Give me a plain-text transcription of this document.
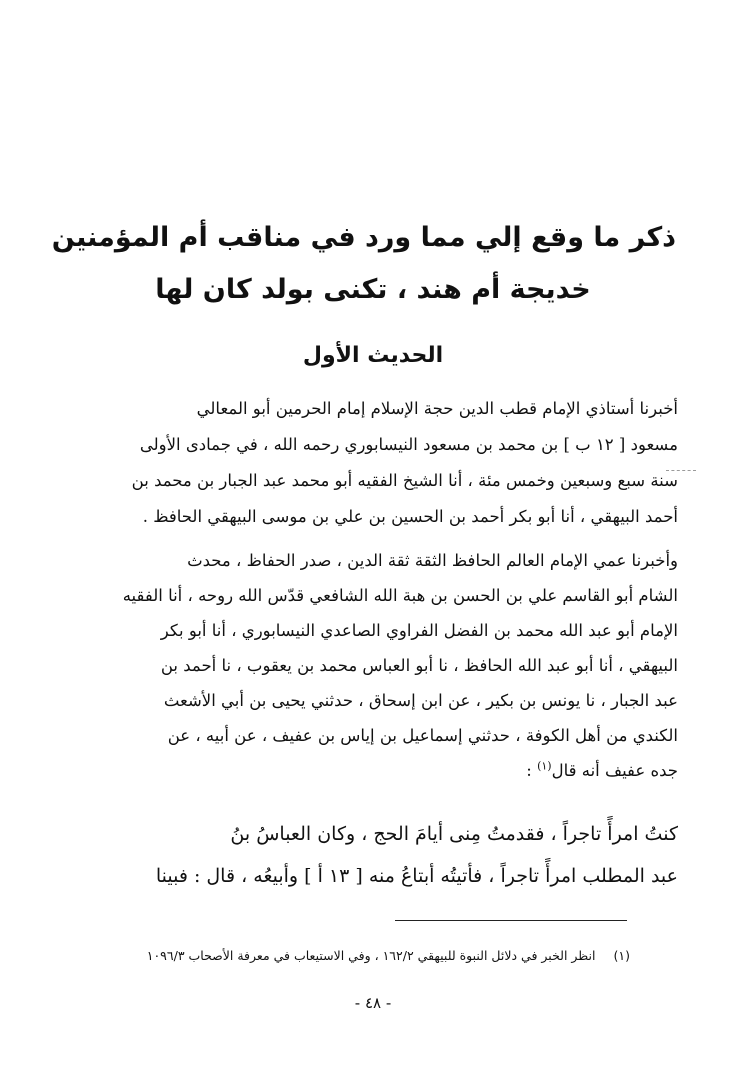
ذكر ما وقع إلي مما ورد في مناقب أم المؤمنين
خديجة أم هند ، تكنى بولد كان لها
الحديث الأول
أخبرنا أستاذي الإمام قطب الدين حجة الإسلام إمام الحرمين أبو المعالي
مسعود [ ١٢ ب ] بن محمد بن مسعود النيسابوري رحمه الله ، في جمادى الأولى
سنة سبع وسبعين وخمس مئة ، أنا الشيخ الفقيه أبو محمد عبد الجبار بن محمد بن
أحمد البيهقي ، أنا أبو بكر أحمد بن الحسين بن علي بن موسى البيهقي الحافظ .
وأخبرنا عمي الإمام العالم الحافظ الثقة ثقة الدين ، صدر الحفاظ ، محدث
الشام أبو القاسم علي بن الحسن بن هبة الله الشافعي قدّس الله روحه ، أنا الفقيه
الإمام أبو عبد الله محمد بن الفضل الفراوي الصاعدي النيسابوري ، أنا أبو بكر
البيهقي ، أنا أبو عبد الله الحافظ ، نا أبو العباس محمد بن يعقوب ، نا أحمد بن
عبد الجبار ، نا يونس بن بكير ، عن ابن إسحاق ، حدثني يحيى بن أبي الأشعث
الكندي من أهل الكوفة ، حدثني إسماعيل بن إياس بن عفيف ، عن أبيه ، عن
جده عفيف أنه قال$^{(١)}$ :
كنتُ امرأً تاجراً ، فقدمتُ مِنى أيامَ الحج ، وكان العباسُ بنُ
عبد المطلب امرأً تاجراً ، فأتيتُه أبتاعُ منه [ ١٣ أ ] وأبيعُه ، قال : فبينا
(١)انظر الخبر في دلائل النبوة للبيهقي ١٦٢/٢ ، وفي الاستيعاب في معرفة الأصحاب ١٠٩٦/٣
- ٤٨ -
